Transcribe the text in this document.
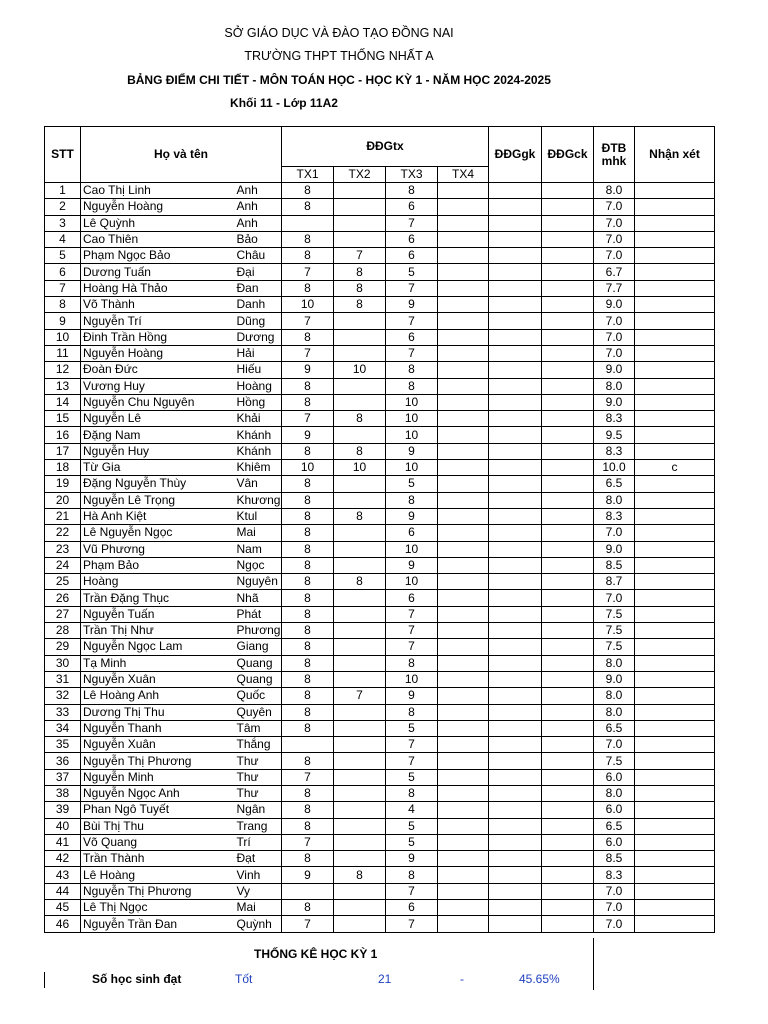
SỞ GIÁO DỤC VÀ ĐÀO TẠO ĐỒNG NAI
TRƯỜNG THPT THỐNG NHẤT A
BẢNG ĐIỂM CHI TIẾT - MÔN TOÁN HỌC - HỌC KỲ 1 - NĂM HỌC 2024-2025
Khối 11 - Lớp 11A2
STT	Họ và tên		ĐĐGtx				ĐĐGgk	ĐĐGck	ĐTB mhk	Nhận xét
			TX1	TX2	TX3	TX4				
1	Cao Thị Linh	Anh	8		8				8.0	
2	Nguyễn Hoàng	Anh	8		6				7.0	
3	Lê Quỳnh	Anh			7				7.0	
4	Cao Thiên	Bảo	8		6				7.0	
5	Phạm Ngọc Bảo	Châu	8	7	6				7.0	
6	Dương Tuấn	Đại	7	8	5				6.7	
7	Hoàng Hà Thảo	Đan	8	8	7				7.7	
8	Võ Thành	Danh	10	8	9				9.0	
9	Nguyễn Trí	Dũng	7		7				7.0	
10	Đinh Trần Hồng	Dương	8		6				7.0	
11	Nguyễn Hoàng	Hải	7		7				7.0	
12	Đoàn Đức	Hiếu	9	10	8				9.0	
13	Vương Huy	Hoàng	8		8				8.0	
14	Nguyễn Chu Nguyên	Hồng	8		10				9.0	
15	Nguyễn Lê	Khải	7	8	10				8.3	
16	Đặng Nam	Khánh	9		10				9.5	
17	Nguyễn Huy	Khánh	8	8	9				8.3	
18	Từ Gia	Khiêm	10	10	10				10.0	c
19	Đặng Nguyễn Thùy	Vân	8		5				6.5	
20	Nguyễn Lê Trọng	Khương	8		8				8.0	
21	Hà Anh Kiệt	Ktul	8	8	9				8.3	
22	Lê Nguyễn Ngọc	Mai	8		6				7.0	
23	Vũ Phương	Nam	8		10				9.0	
24	Phạm Bảo	Ngọc	8		9				8.5	
25	Hoàng	Nguyên	8	8	10				8.7	
26	Trần Đặng Thục	Nhã	8		6				7.0	
27	Nguyễn Tuấn	Phát	8		7				7.5	
28	Trần Thị Như	Phương	8		7				7.5	
29	Nguyễn Ngọc Lam	Giang	8		7				7.5	
30	Tạ Minh	Quang	8		8				8.0	
31	Nguyễn Xuân	Quang	8		10				9.0	
32	Lê Hoàng Anh	Quốc	8	7	9				8.0	
33	Dương Thị Thu	Quyên	8		8				8.0	
34	Nguyễn Thanh	Tâm	8		5				6.5	
35	Nguyễn Xuân	Thắng			7				7.0	
36	Nguyễn Thị Phương	Thư	8		7				7.5	
37	Nguyễn Minh	Thư	7		5				6.0	
38	Nguyễn Ngọc Anh	Thư	8		8				8.0	
39	Phan Ngô Tuyết	Ngân	8		4				6.0	
40	Bùi Thị Thu	Trang	8		5				6.5	
41	Võ Quang	Trí	7		5				6.0	
42	Trần Thành	Đạt	8		9				8.5	
43	Lê Hoàng	Vinh	9	8	8				8.3	
44	Nguyễn Thị Phương	Vy			7				7.0	
45	Lê Thị Ngọc	Mai	8		6				7.0	
46	Nguyễn Trần Đan	Quỳnh	7		7				7.0	
THỐNG KÊ HỌC KỲ 1
Số học sinh đạt	Tốt	21	-	45.65%
